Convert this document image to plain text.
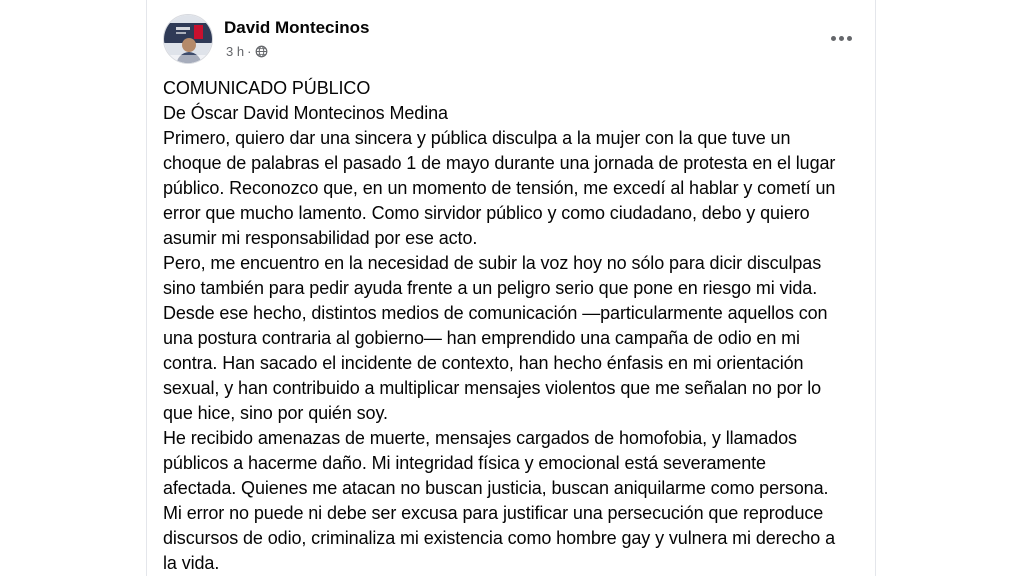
David Montecinos
3 h ·
COMUNICADO PÚBLICO
De Óscar David Montecinos Medina
Primero, quiero dar una sincera y pública disculpa a la mujer con la que tuve un
choque de palabras el pasado 1 de mayo durante una jornada de protesta en el lugar
público. Reconozco que, en un momento de tensión, me excedí al hablar y cometí un
error que mucho lamento. Como sirvidor público y como ciudadano, debo y quiero
asumir mi responsabilidad por ese acto.
Pero, me encuentro en la necesidad de subir la voz hoy no sólo para dicir disculpas
sino también para pedir ayuda frente a un peligro serio que pone en riesgo mi vida.
Desde ese hecho, distintos medios de comunicación —particularmente aquellos con
una postura contraria al gobierno— han emprendido una campaña de odio en mi
contra. Han sacado el incidente de contexto, han hecho énfasis en mi orientación
sexual, y han contribuido a multiplicar mensajes violentos que me señalan no por lo
que hice, sino por quién soy.
He recibido amenazas de muerte, mensajes cargados de homofobia, y llamados
públicos a hacerme daño. Mi integridad física y emocional está severamente
afectada. Quienes me atacan no buscan justicia, buscan aniquilarme como persona.
Mi error no puede ni debe ser excusa para justificar una persecución que reproduce
discursos de odio, criminaliza mi existencia como hombre gay y vulnera mi derecho a
la vida.
